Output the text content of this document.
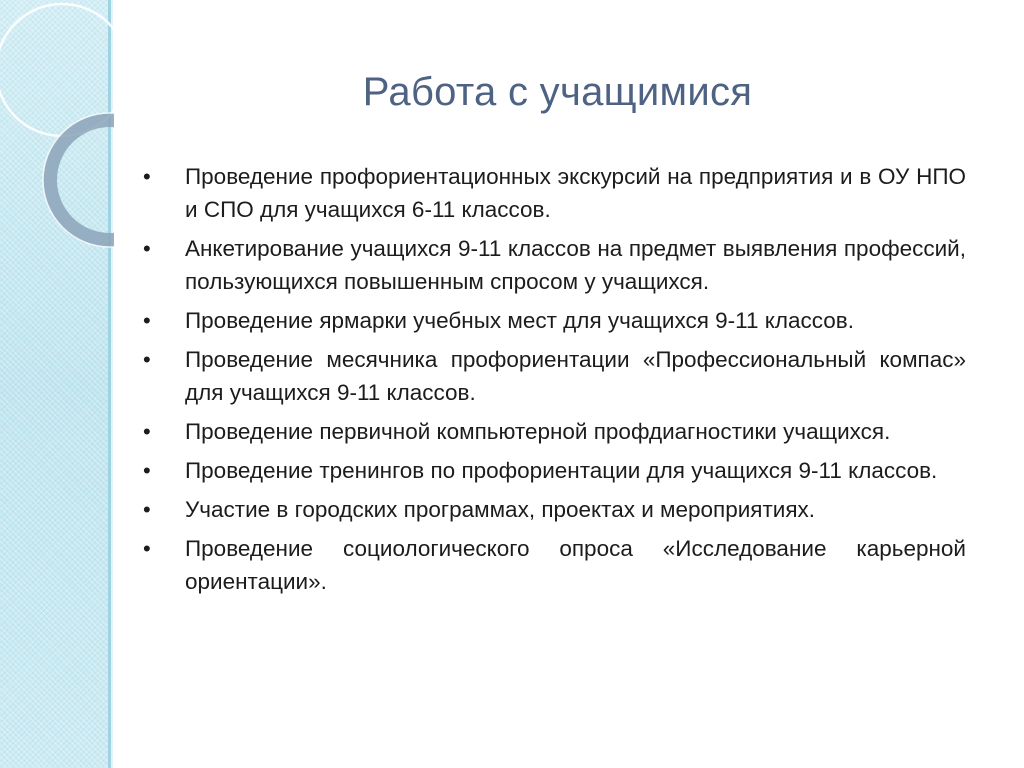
Работа с учащимися
• Проведение профориентационных экскурсий на предприятия и в ОУ НПО и СПО для учащихся 6-11 классов.
• Анкетирование учащихся 9-11 классов на предмет выявления профессий, пользующихся повышенным спросом у учащихся.
• Проведение ярмарки учебных мест для учащихся 9-11 классов.
• Проведение месячника профориентации «Профессиональный компас» для учащихся 9-11 классов.
• Проведение первичной компьютерной профдиагностики учащихся.
• Проведение тренингов по профориентации для учащихся 9-11 классов.
• Участие в городских программах, проектах и мероприятиях.
• Проведение социологического опроса «Исследование карьерной ориентации».
